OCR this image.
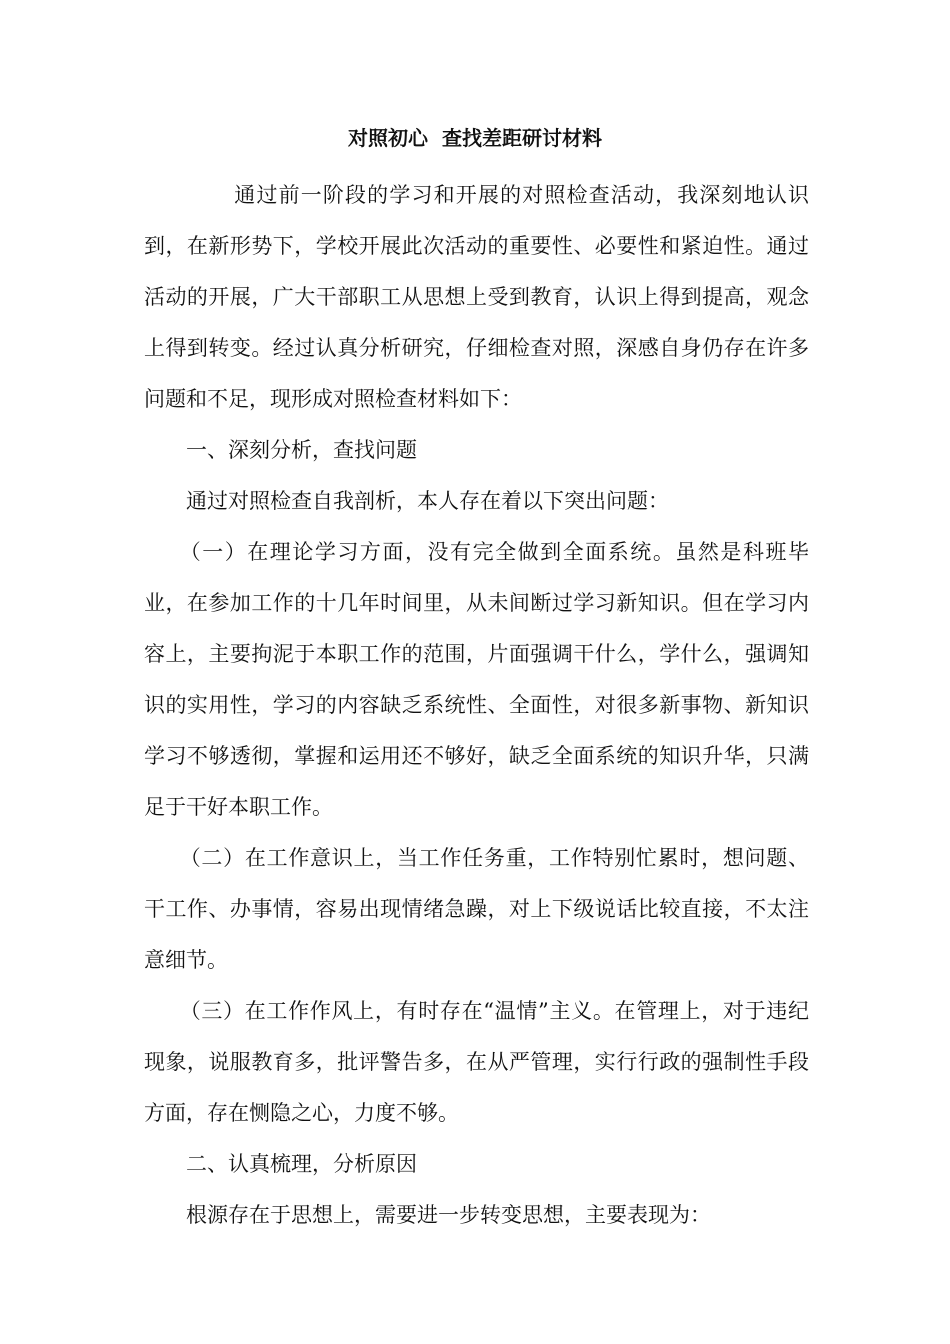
对照初心  查找差距研讨材料

通过前一阶段的学习和开展的对照检查活动，我深刻地认识到，在新形势下，学校开展此次活动的重要性、必要性和紧迫性。通过活动的开展，广大干部职工从思想上受到教育，认识上得到提高，观念上得到转变。经过认真分析研究，仔细检查对照，深感自身仍存在许多问题和不足，现形成对照检查材料如下：

一、深刻分析，查找问题

通过对照检查自我剖析，本人存在着以下突出问题：

（一）在理论学习方面，没有完全做到全面系统。虽然是科班毕业，在参加工作的十几年时间里，从未间断过学习新知识。但在学习内容上，主要拘泥于本职工作的范围，片面强调干什么，学什么，强调知识的实用性，学习的内容缺乏系统性、全面性，对很多新事物、新知识学习不够透彻，掌握和运用还不够好，缺乏全面系统的知识升华，只满足于干好本职工作。

（二）在工作意识上，当工作任务重，工作特别忙累时，想问题、干工作、办事情，容易出现情绪急躁，对上下级说话比较直接，不太注意细节。

（三）在工作作风上，有时存在“温情”主义。在管理上，对于违纪现象，说服教育多，批评警告多，在从严管理，实行行政的强制性手段方面，存在恻隐之心，力度不够。

二、认真梳理，分析原因

根源存在于思想上，需要进一步转变思想，主要表现为：
